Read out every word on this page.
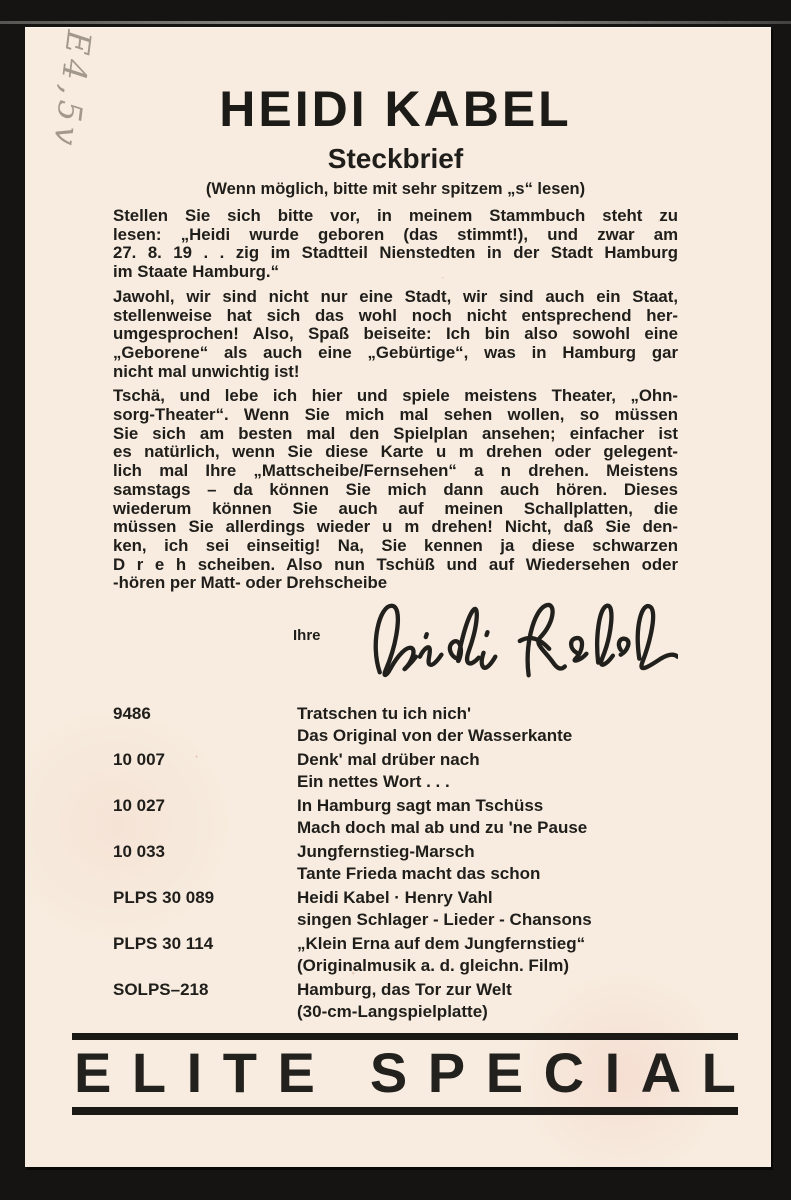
E4,5v	HEIDI KABEL
Steckbrief
(Wenn möglich, bitte mit sehr spitzem „s“ lesen)
Stellen Sie sich bitte vor, in meinem Stammbuch steht zu
lesen: „Heidi wurde geboren (das stimmt!), und zwar am
27. 8. 19 . . zig im Stadtteil Nienstedten in der Stadt Hamburg
im Staate Hamburg.“
Jawohl, wir sind nicht nur eine Stadt, wir sind auch ein Staat,
stellenweise hat sich das wohl noch nicht entsprechend her-
umgesprochen! Also, Spaß beiseite: Ich bin also sowohl eine
„Geborene“ als auch eine „Gebürtige“, was in Hamburg gar
nicht mal unwichtig ist!
Tschä, und lebe ich hier und spiele meistens Theater, „Ohn-
sorg-Theater“. Wenn Sie mich mal sehen wollen, so müssen
Sie sich am besten mal den Spielplan ansehen; einfacher ist
es natürlich, wenn Sie diese Karte u m drehen oder gelegent-
lich mal Ihre „Mattscheibe/Fernsehen“ a n drehen. Meistens
samstags – da können Sie mich dann auch hören. Dieses
wiederum können Sie auch auf meinen Schallplatten, die
müssen Sie allerdings wieder u m drehen! Nicht, daß Sie den-
ken, ich sei einseitig! Na, Sie kennen ja diese schwarzen
D r e h scheiben. Also nun Tschüß und auf Wiedersehen oder
-hören per Matt- oder Drehscheibe
Ihre
9486	Tratschen tu ich nich'
Das Original von der Wasserkante
10 007	Denk' mal drüber nach
Ein nettes Wort . . .
10 027	In Hamburg sagt man Tschüss
Mach doch mal ab und zu 'ne Pause
10 033	Jungfernstieg-Marsch
Tante Frieda macht das schon
PLPS 30 089	Heidi Kabel · Henry Vahl
singen Schlager - Lieder - Chansons
PLPS 30 114	„Klein Erna auf dem Jungfernstieg“
(Originalmusik a. d. gleichn. Film)
SOLPS–218	Hamburg, das Tor zur Welt
(30-cm-Langspielplatte)
E L I T E
S P E C I A L
